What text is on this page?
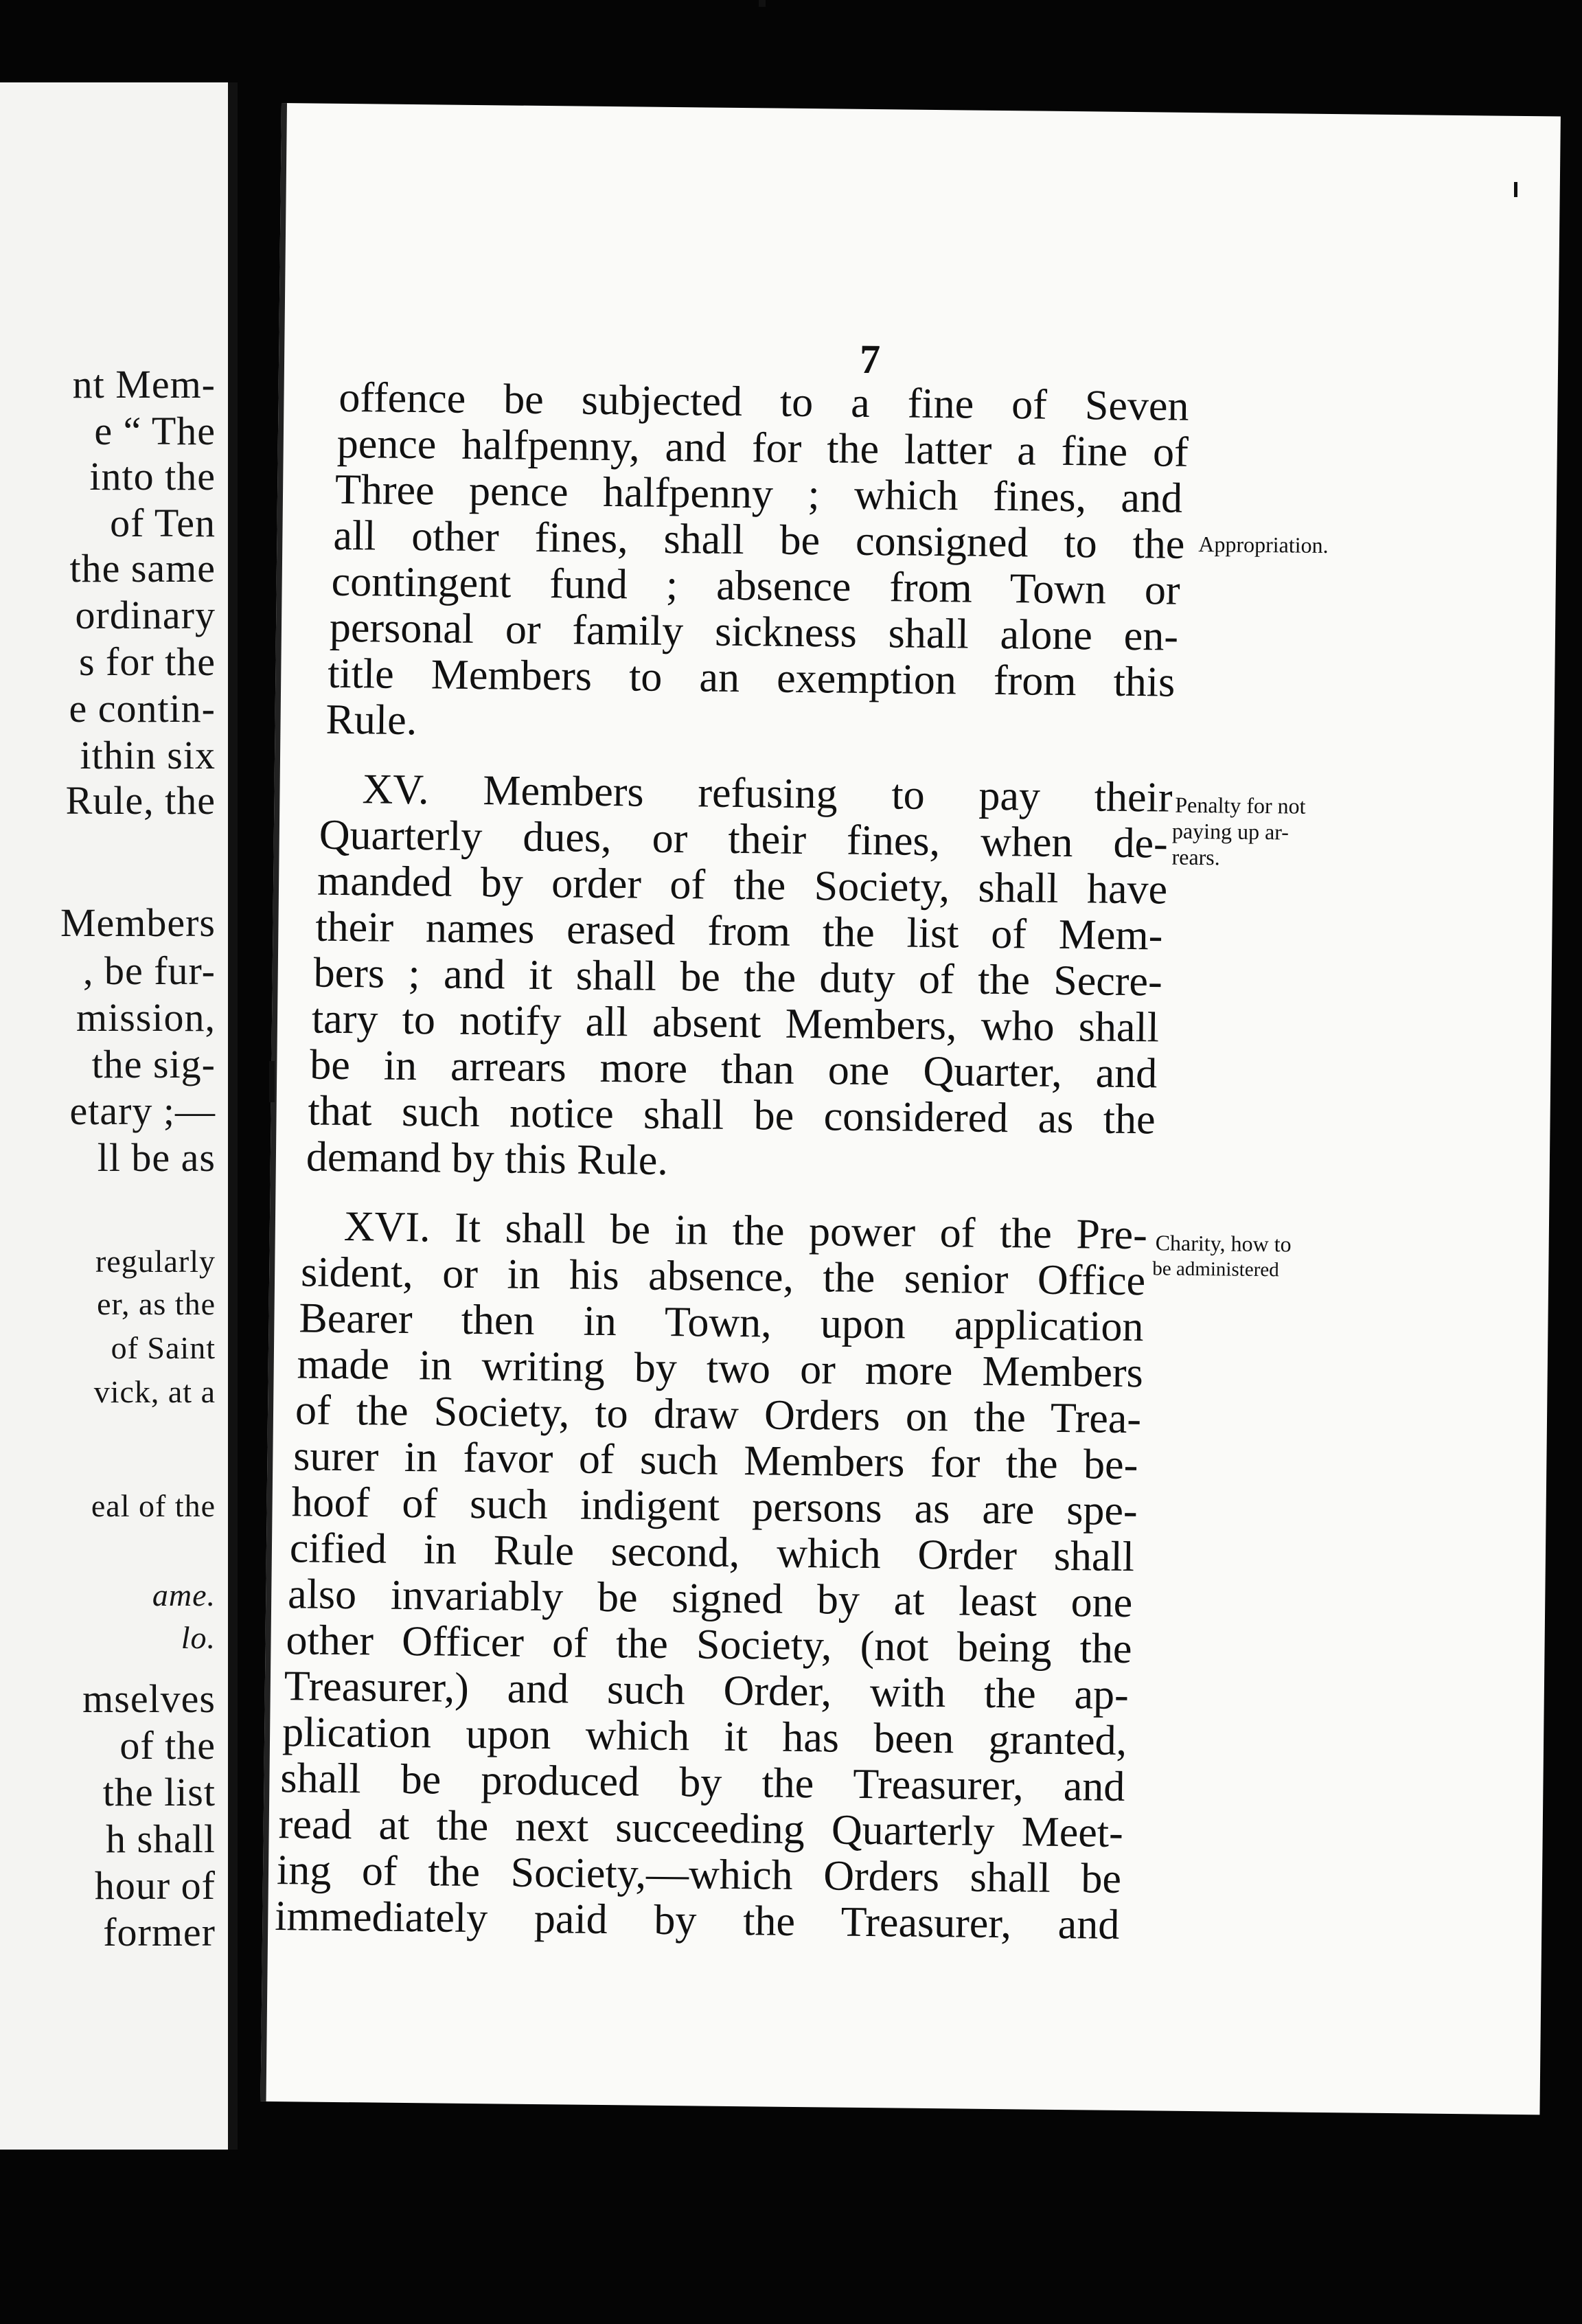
nt Mem-
e “ The
into the
of Ten
the same
ordinary
s for the
e contin-
ithin six
Rule, the
Members
, be fur-
mission,
the sig-
etary ;—
ll be as
regularly
er, as the
of Saint
vick, at a
eal of the
ame.
lo.
mselves
of the
the list
h shall
hour of
former
7
offence be subjected to a fine of Seven
pence halfpenny, and for the latter a fine of
Three pence halfpenny ; which fines, and
all other fines, shall be consigned to the
contingent fund ; absence from Town or
personal or family sickness shall alone en-
title Members to an exemption from this
Rule.
XV. Members refusing to pay their
Quarterly dues, or their fines, when de-
manded by order of the Society, shall have
their names erased from the list of Mem-
bers ; and it shall be the duty of the Secre-
tary to notify all absent Members, who shall
be in arrears more than one Quarter, and
that such notice shall be considered as the
demand by this Rule.
XVI. It shall be in the power of the Pre-
sident, or in his absence, the senior Office
Bearer then in Town, upon application
made in writing by two or more Members
of the Society, to draw Orders on the Trea-
surer in favor of such Members for the be-
hoof of such indigent persons as are spe-
cified in Rule second, which Order shall
also invariably be signed by at least one
other Officer of the Society, (not being the
Treasurer,) and such Order, with the ap-
plication upon which it has been granted,
shall be produced by the Treasurer, and
read at the next succeeding Quarterly Meet-
ing of the Society,—which Orders shall be
immediately paid by the Treasurer, and
Appropriation.
Penalty for not
paying up ar-
rears.
Charity, how to
be administered
